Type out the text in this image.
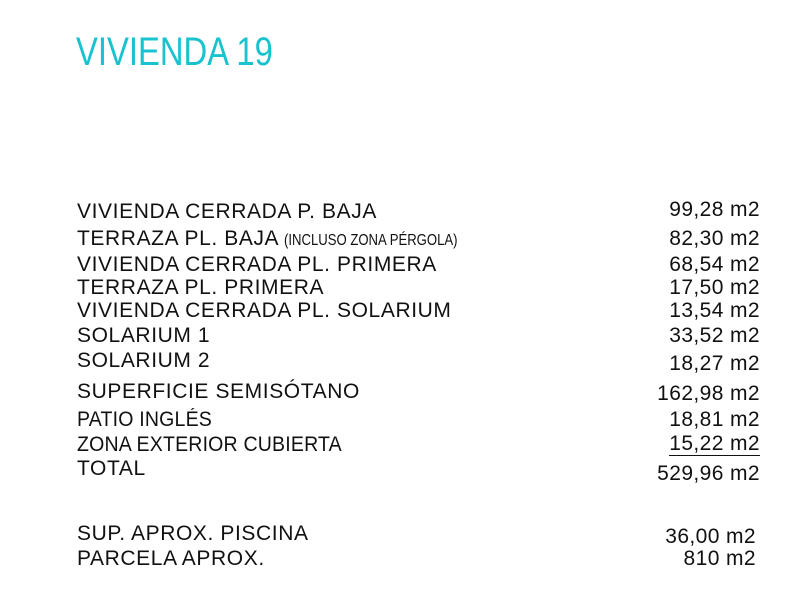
VIVIENDA 19
VIVIENDA CERRADA P. BAJA	99,28 m2
TERRAZA PL. BAJA (INCLUSO ZONA PÉRGOLA)	82,30 m2
VIVIENDA CERRADA PL. PRIMERA	68,54 m2
TERRAZA PL. PRIMERA	17,50 m2
VIVIENDA CERRADA PL. SOLARIUM	13,54 m2
SOLARIUM 1	33,52 m2
SOLARIUM 2	18,27 m2
SUPERFICIE SEMISÓTANO	162,98 m2
PATIO INGLÉS	18,81 m2
ZONA EXTERIOR CUBIERTA	15,22 m2
TOTAL	529,96 m2
SUP. APROX. PISCINA	36,00 m2
PARCELA APROX.	810 m2
